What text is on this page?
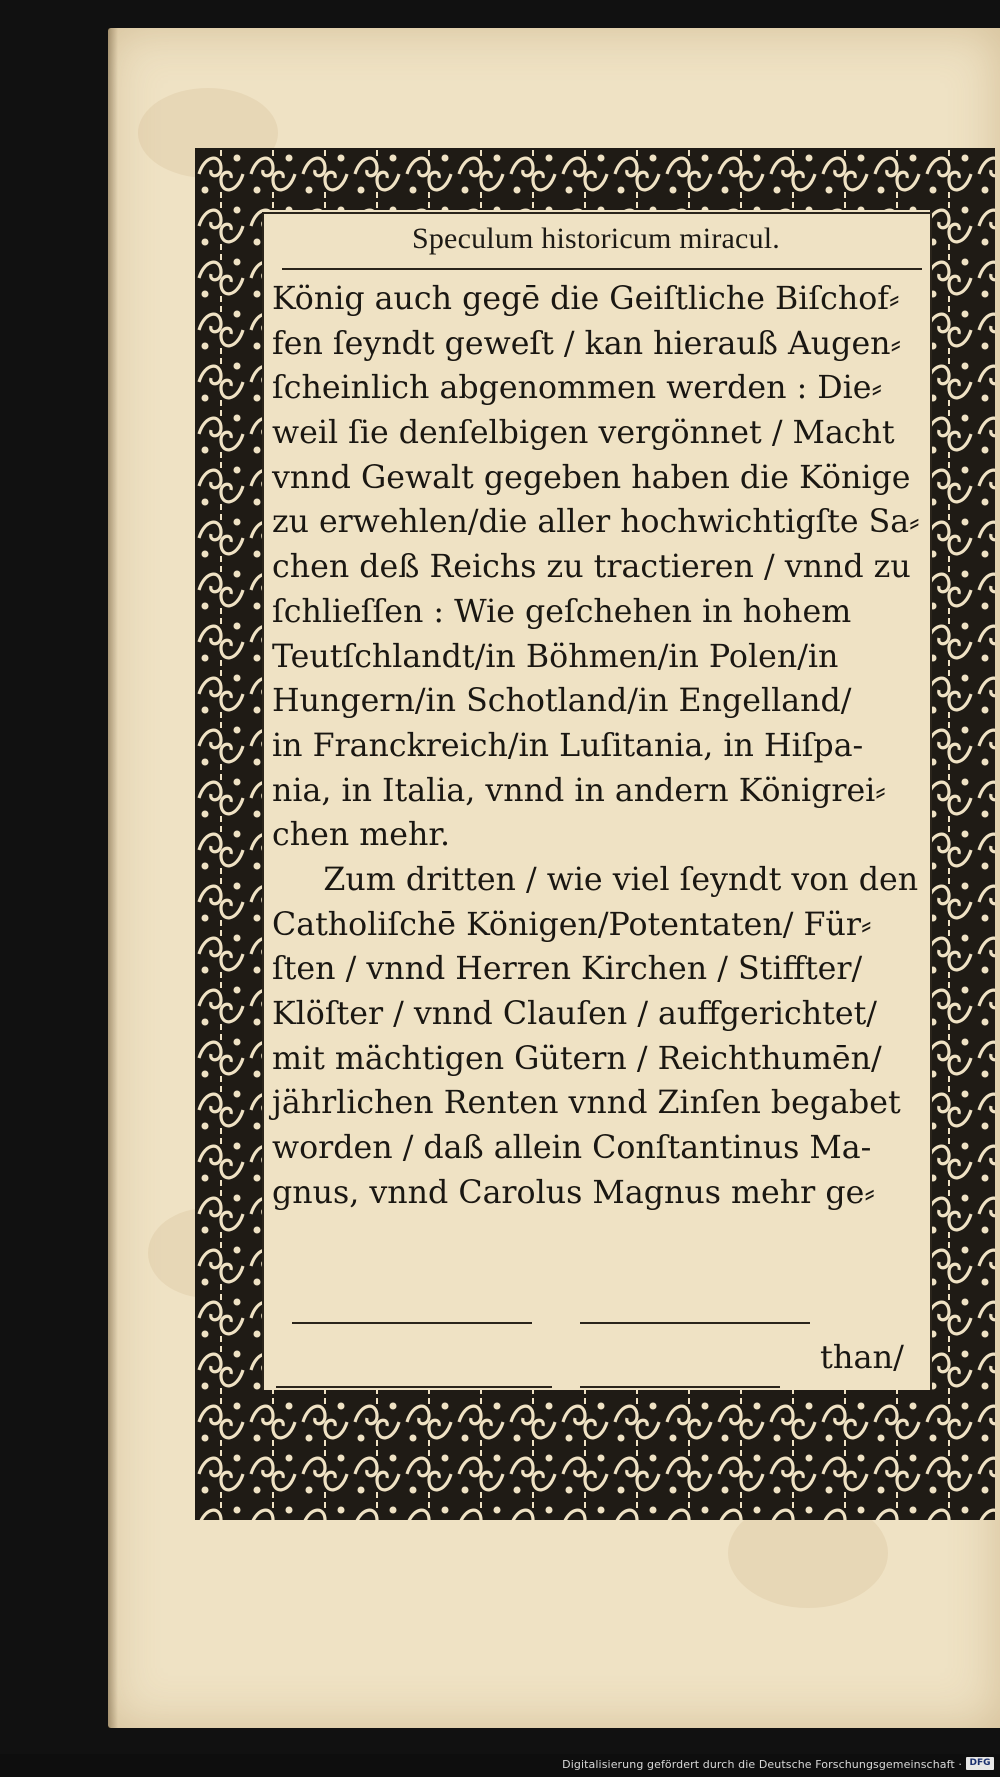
Speculum historicum miracul.
König auch gegē die Geiſtliche Biſchof⸗
fen ſeyndt geweſt / kan hierauß Augen⸗
ſcheinlich abgenommen werden : Die⸗
weil ſie denſelbigen vergönnet / Macht
vnnd Gewalt gegeben haben die Könige
zu erwehlen/die aller hochwichtigſte Sa⸗
chen deß Reichs zu tractieren / vnnd zu
ſchlieſſen : Wie geſchehen in hohem
Teutſchlandt/in Böhmen/in Polen/in
Hungern/in Schotland/in Engelland/
in Franckreich/in Luſitania, in Hiſpa-
nia, in Italia, vnnd in andern Königrei⸗
chen mehr.
Zum dritten / wie viel ſeyndt von den
Catholiſchē Königen/Potentaten/ Für⸗
ſten / vnnd Herren Kirchen / Stiffter/
Klöſter / vnnd Clauſen / auffgerichtet/
mit mächtigen Gütern / Reichthumēn/
jährlichen Renten vnnd Zinſen begabet
worden / daß allein Conſtantinus Ma-
gnus, vnnd Carolus Magnus mehr ge⸗
than/
Digitalisierung gefördert durch die Deutsche Forschungsgemeinschaft · DFG
